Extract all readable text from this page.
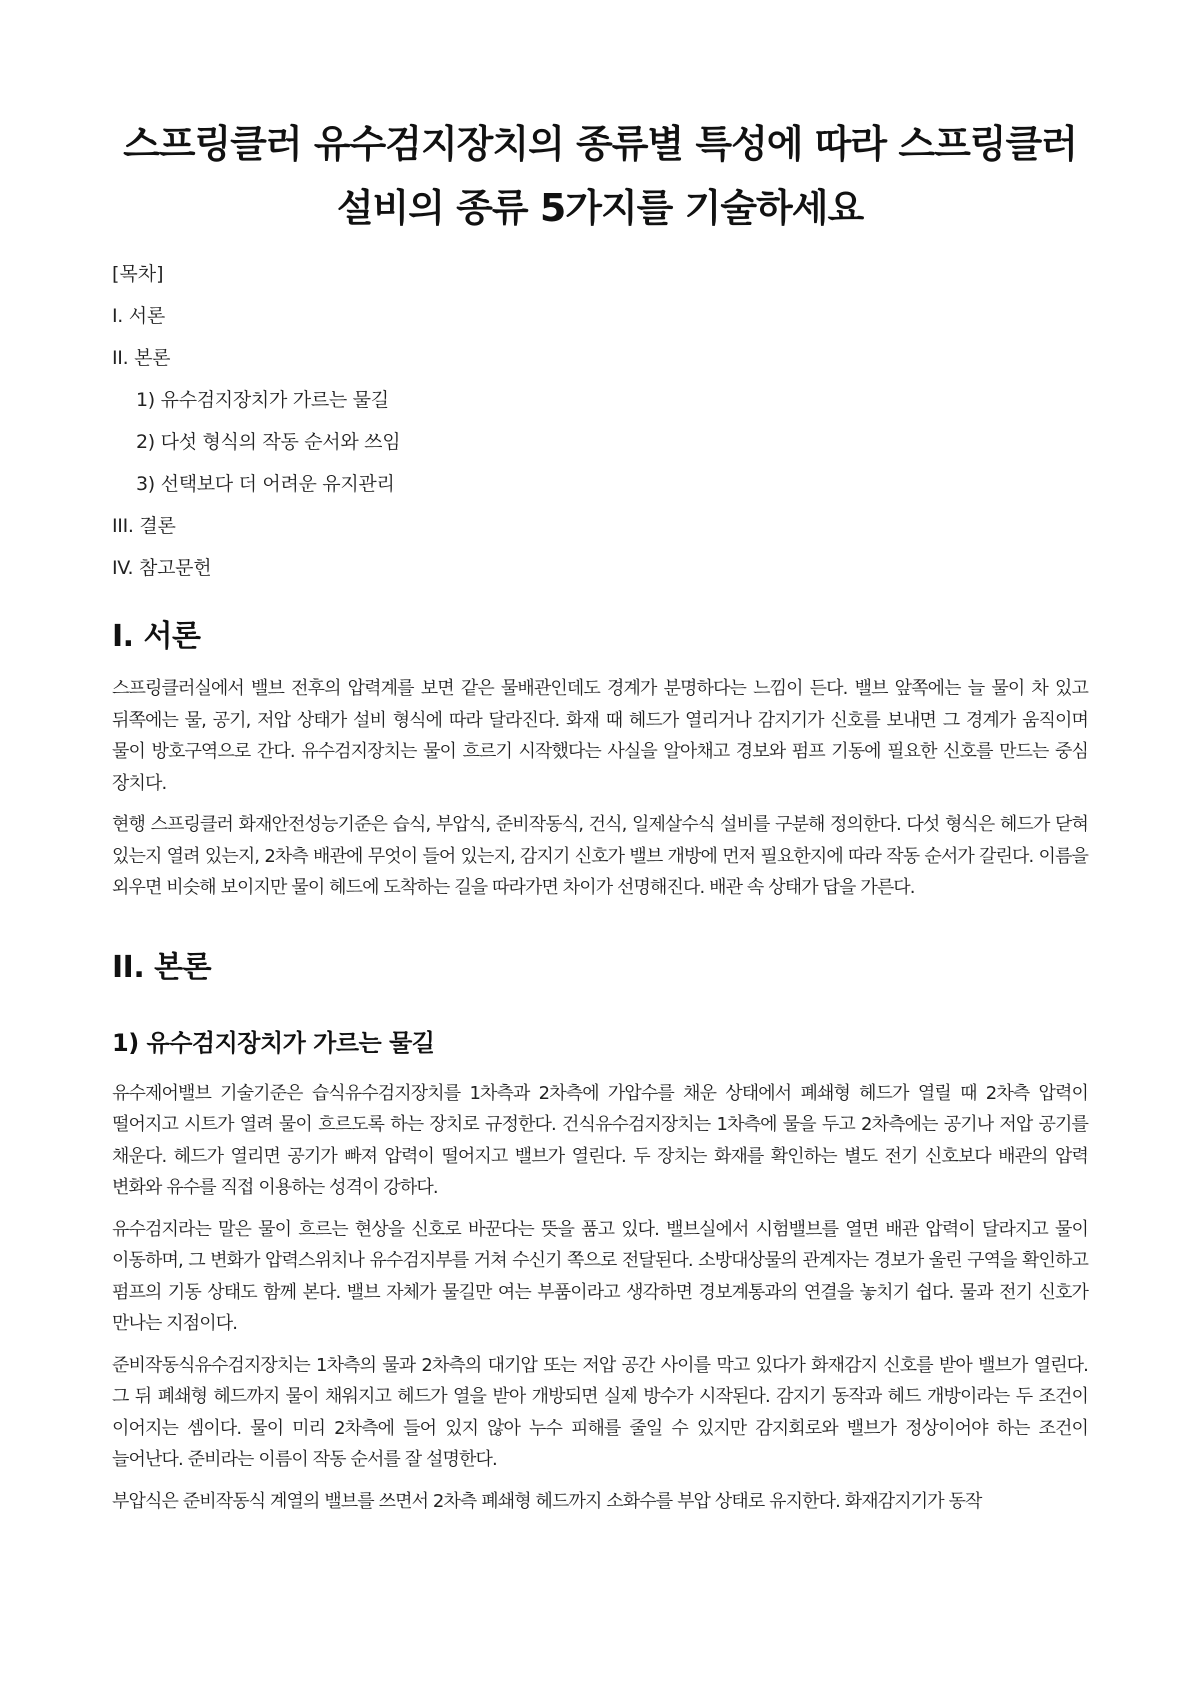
스프링클러 유수검지장치의 종류별 특성에 따라 스프링클러설비의 종류 5가지를 기술하세요

[목차]

I. 서론
II. 본론
1) 유수검지장치가 가르는 물길
2) 다섯 형식의 작동 순서와 쓰임
3) 선택보다 더 어려운 유지관리
III. 결론
IV. 참고문헌
I. 서론

스프링클러실에서 밸브 전후의 압력계를 보면 같은 물배관인데도 경계가 분명하다는 느낌이 든다. 밸브 앞쪽에는 늘 물이 차 있고 뒤쪽에는 물, 공기, 저압 상태가 설비 형식에 따라 달라진다. 화재 때 헤드가 열리거나 감지기가 신호를 보내면 그 경계가 움직이며 물이 방호구역으로 간다. 유수검지장치는 물이 흐르기 시작했다는 사실을 알아채고 경보와 펌프 기동에 필요한 신호를 만드는 중심 장치다.

현행 스프링클러 화재안전성능기준은 습식, 부압식, 준비작동식, 건식, 일제살수식 설비를 구분해 정의한다. 다섯 형식은 헤드가 닫혀 있는지 열려 있는지, 2차측 배관에 무엇이 들어 있는지, 감지기 신호가 밸브 개방에 먼저 필요한지에 따라 작동 순서가 갈린다. 이름을 외우면 비슷해 보이지만 물이 헤드에 도착하는 길을 따라가면 차이가 선명해진다. 배관 속 상태가 답을 가른다.

II. 본론
1) 유수검지장치가 가르는 물길

유수제어밸브 기술기준은 습식유수검지장치를 1차측과 2차측에 가압수를 채운 상태에서 폐쇄형 헤드가 열릴 때 2차측 압력이 떨어지고 시트가 열려 물이 흐르도록 하는 장치로 규정한다. 건식유수검지장치는 1차측에 물을 두고 2차측에는 공기나 저압 공기를 채운다. 헤드가 열리면 공기가 빠져 압력이 떨어지고 밸브가 열린다. 두 장치는 화재를 확인하는 별도 전기 신호보다 배관의 압력 변화와 유수를 직접 이용하는 성격이 강하다.

유수검지라는 말은 물이 흐르는 현상을 신호로 바꾼다는 뜻을 품고 있다. 밸브실에서 시험밸브를 열면 배관 압력이 달라지고 물이 이동하며, 그 변화가 압력스위치나 유수검지부를 거쳐 수신기 쪽으로 전달된다. 소방대상물의 관계자는 경보가 울린 구역을 확인하고 펌프의 기동 상태도 함께 본다. 밸브 자체가 물길만 여는 부품이라고 생각하면 경보계통과의 연결을 놓치기 쉽다. 물과 전기 신호가 만나는 지점이다.

준비작동식유수검지장치는 1차측의 물과 2차측의 대기압 또는 저압 공간 사이를 막고 있다가 화재감지 신호를 받아 밸브가 열린다. 그 뒤 폐쇄형 헤드까지 물이 채워지고 헤드가 열을 받아 개방되면 실제 방수가 시작된다. 감지기 동작과 헤드 개방이라는 두 조건이 이어지는 셈이다. 물이 미리 2차측에 들어 있지 않아 누수 피해를 줄일 수 있지만 감지회로와 밸브가 정상이어야 하는 조건이 늘어난다. 준비라는 이름이 작동 순서를 잘 설명한다.

부압식은 준비작동식 계열의 밸브를 쓰면서 2차측 폐쇄형 헤드까지 소화수를 부압 상태로 유지한다. 화재감지기가 동작
